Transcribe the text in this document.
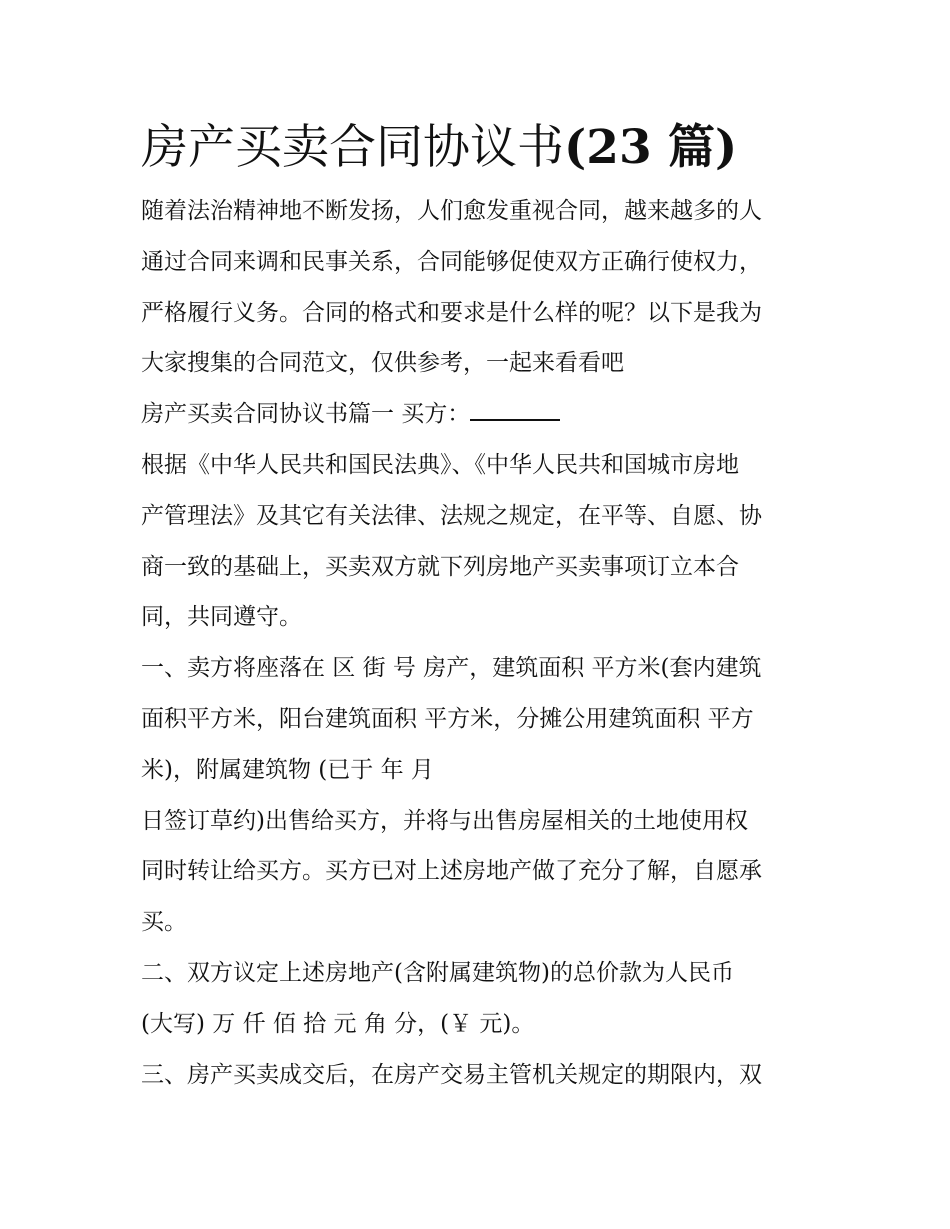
房产买卖合同协议书(23 篇)
随着法治精神地不断发扬，人们愈发重视合同，越来越多的人
通过合同来调和民事关系，合同能够促使双方正确行使权力，
严格履行义务。合同的格式和要求是什么样的呢？以下是我为
大家搜集的合同范文，仅供参考，一起来看看吧
房产买卖合同协议书篇一 买方：
根据《中华人民共和国民法典》、《中华人民共和国城市房地
产管理法》及其它有关法律、法规之规定，在平等、自愿、协
商一致的基础上，买卖双方就下列房地产买卖事项订立本合
同，共同遵守。
一、卖方将座落在 区 街 号 房产，建筑面积 平方米(套内建筑
面积平方米，阳台建筑面积 平方米，分摊公用建筑面积 平方
米)，附属建筑物 (已于 年 月
日签订草约)出售给买方，并将与出售房屋相关的土地使用权
同时转让给买方。买方已对上述房地产做了充分了解，自愿承
买。
二、双方议定上述房地产(含附属建筑物)的总价款为人民币
(大写) 万 仟 佰 拾 元 角 分，(￥ 元)。
三、房产买卖成交后，在房产交易主管机关规定的期限内，双
